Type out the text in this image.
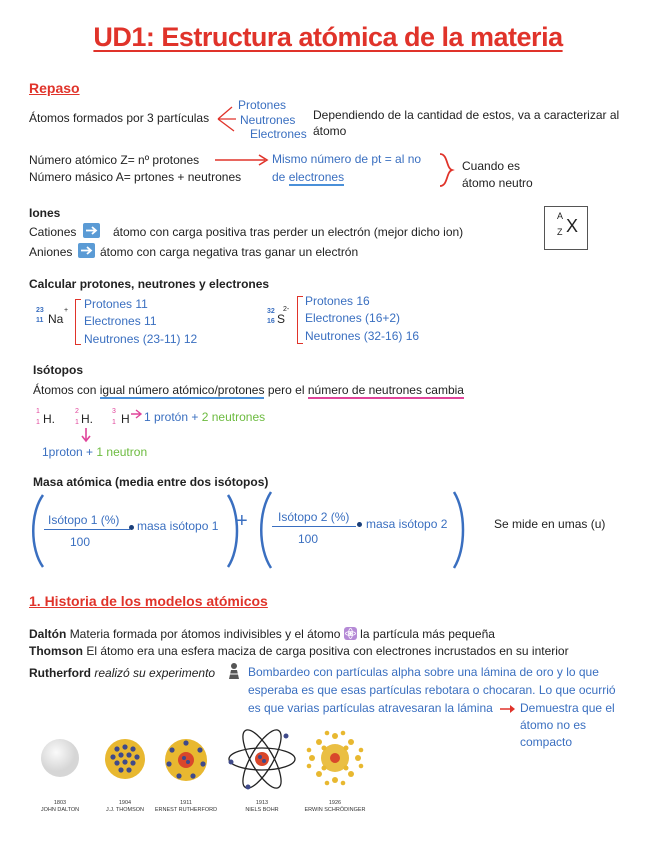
UD1: Estructura atómica de la materia
Repaso
Átomos formados por 3 partículas
Protones
Neutrones
Electrones
Dependiendo de la cantidad de estos, va a caracterizar al
átomo
Número atómico Z= nº protones
Número másico A= prtones + neutrones
Mismo número de pt = al no
de electrones
Cuando es
átomo neutro
Iones
Cationes	átomo con carga positiva tras perder un electrón (mejor dicho ion)
Aniones átomo con carga negativa tras ganar un electrón
A
Z X
Calcular protones, neutrones y electrones
23
11 Na
+ Protones 11
Electrones 11
Neutrones (23-11) 12
32
16 S
2-
Protones 16
Electrones (16+2)
Neutrones (32-16) 16
Isótopos
Átomos con igual número atómico/protones pero el número de neutrones cambia
1
1 H.
2
1 H.
3
1 H 1 protón + 2 neutrones
1proton + 1 neutron
Masa atómica (media entre dos isótopos)
Isótopo 1 (%)
100
masa isótopo 1 +	Isótopo 2 (%)
100
masa isótopo 2	Se mide en umas (u)
1. Historia de los modelos atómicos
Daltón Materia formada por átomos indivisibles y el átomo la partícula más pequeña
Thomson El átomo era una esfera maciza de carga positiva con electrones incrustados en su interior
Rutherford realizó su experimento	Bombardeo con partículas alpha sobre una lámina de oro y lo que
esperaba es que esas partículas rebotara o chocaran. Lo que ocurrió
es que varias partículas atravesaran la lámina Demuestra que el
átomo no es
compacto
1803
JOHN DALTON
1904
J.J. THOMSON
1911
ERNEST RUTHERFORD
1913
NIELS BOHR
1926
ERWIN SCHRÖDINGER
